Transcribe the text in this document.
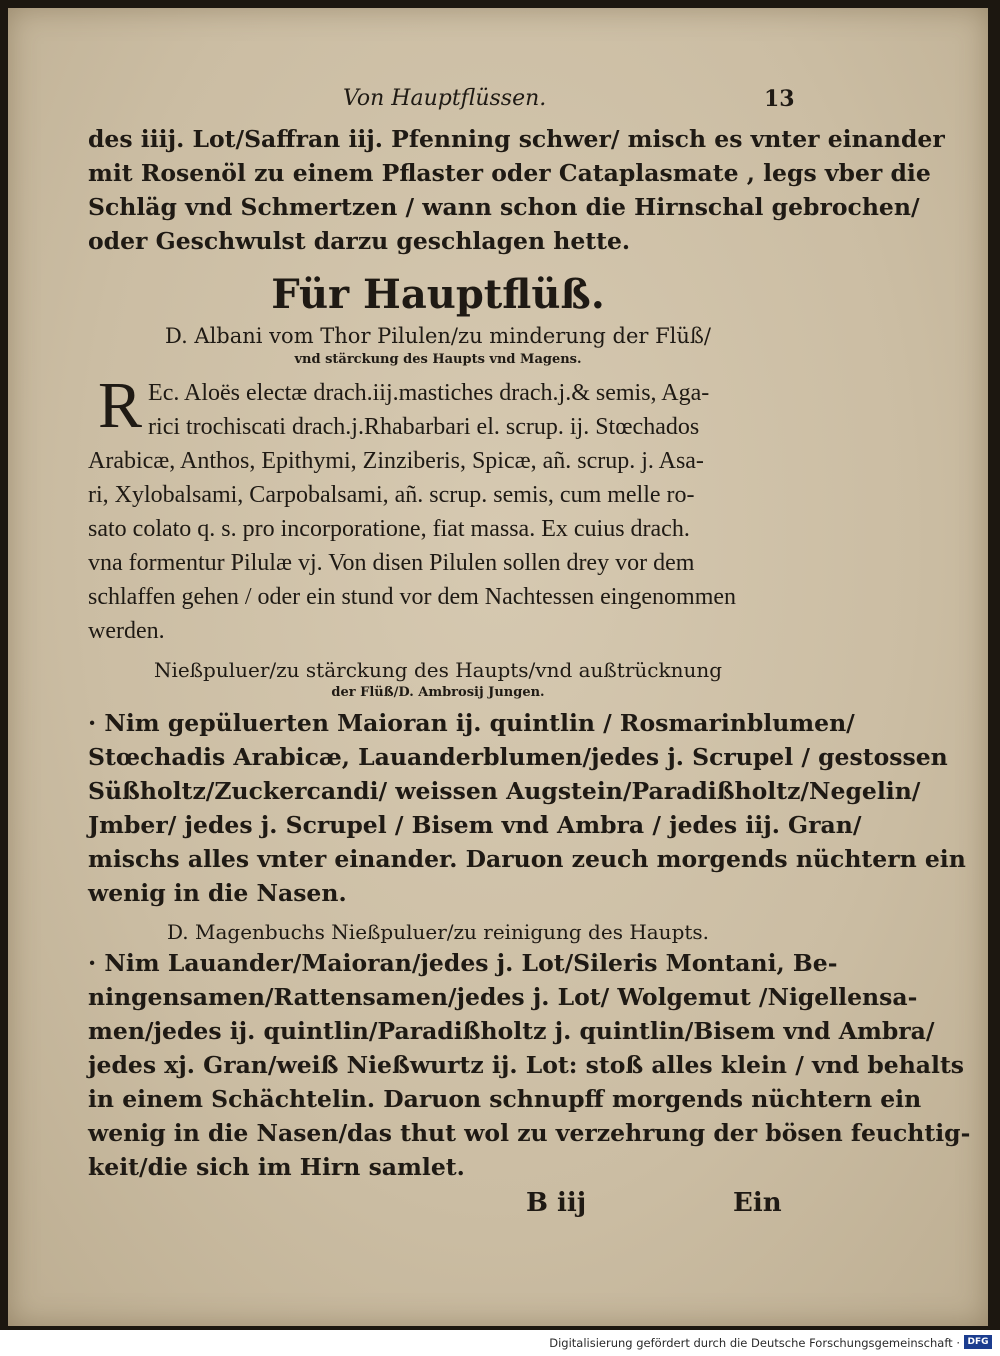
Von Hauptflüssen.	13

des iiij. Lot/Saffran iij. Pfenning schwer/ misch es vnter einander
mit Rosenöl zu einem Pflaster oder Cataplasmate , legs vber die
Schläg vnd Schmertzen / wann schon die Hirnschal gebrochen/
oder Geschwulst darzu geschlagen hette.

Für Hauptflüß.

D. Albani vom Thor Pilulen/zu minderung der Flüß/

vnd stärckung des Haupts vnd Magens.

R Ec. Aloës electæ drach.iij.mastiches drach.j.& semis, Aga-
rici trochiscati drach.j.Rhabarbari el. scrup. ij. Stœchados
Arabicæ, Anthos, Epithymi, Zinziberis, Spicæ, añ. scrup. j. Asa-
ri, Xylobalsami, Carpobalsami, añ. scrup. semis, cum melle ro-
sato colato q. s. pro incorporatione, fiat massa. Ex cuius drach.
vna formentur Pilulæ vj. Von disen Pilulen sollen drey vor dem
schlaffen gehen / oder ein stund vor dem Nachtessen eingenommen
werden.

Nießpuluer/zu stärckung des Haupts/vnd außtrücknung

der Flüß/D. Ambrosij Jungen.

· Nim gepüluerten Maioran ij. quintlin / Rosmarinblumen/
Stœchadis Arabicæ, Lauanderblumen/jedes j. Scrupel / gestossen
Süßholtz/Zuckercandi/ weissen Augstein/Paradißholtz/Negelin/
Jmber/ jedes j. Scrupel / Bisem vnd Ambra / jedes iij. Gran/
mischs alles vnter einander. Daruon zeuch morgends nüchtern ein
wenig in die Nasen.

D. Magenbuchs Nießpuluer/zu reinigung des Haupts.

· Nim Lauander/Maioran/jedes j. Lot/Sileris Montani, Be-
ningensamen/Rattensamen/jedes j. Lot/ Wolgemut /Nigellensa-
men/jedes ij. quintlin/Paradißholtz j. quintlin/Bisem vnd Ambra/
jedes xj. Gran/weiß Nießwurtz ij. Lot: stoß alles klein / vnd behalts
in einem Schächtelin. Daruon schnupff morgends nüchtern ein
wenig in die Nasen/das thut wol zu verzehrung der bösen feuchtig-
keit/die sich im Hirn samlet.

B iij	Ein
Digitalisierung gefördert durch die Deutsche Forschungsgemeinschaft · DFG
